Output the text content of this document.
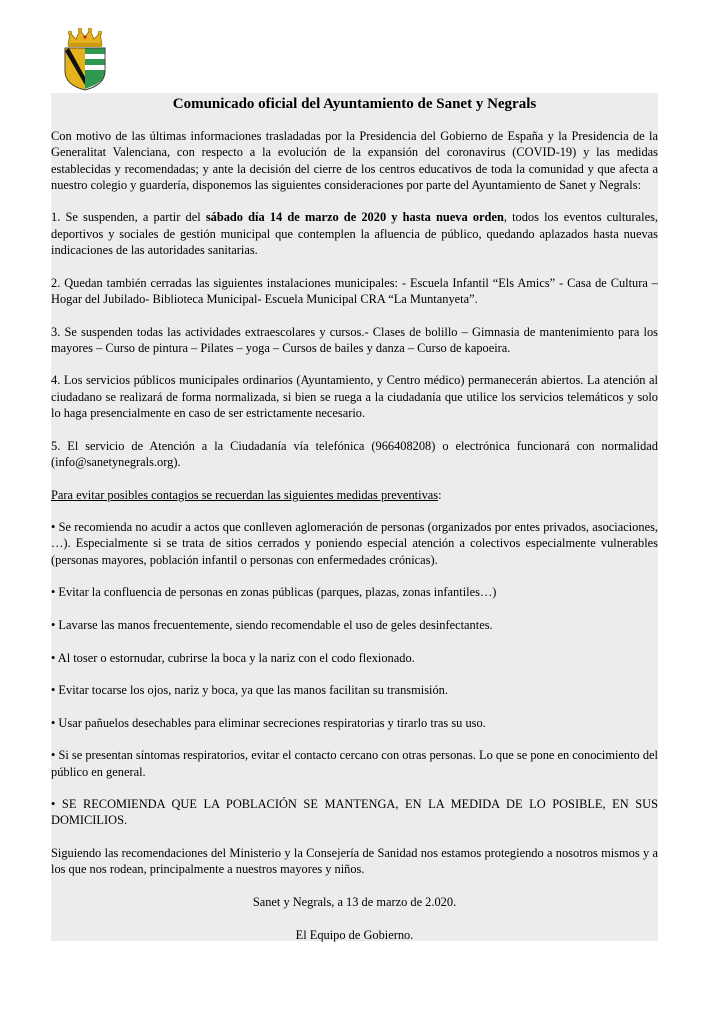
Comunicado oficial del Ayuntamiento de Sanet y Negrals

Con motivo de las últimas informaciones trasladadas por la Presidencia del Gobierno de España y la Presidencia de la Generalitat Valenciana, con respecto a la evolución de la expansión del coronavirus (COVID-19) y las medidas establecidas y recomendadas; y ante la decisión del cierre de los centros educativos de toda la comunidad y que afecta a nuestro colegio y guardería, disponemos las siguientes consideraciones por parte del Ayuntamiento de Sanet y Negrals:

1. Se suspenden, a partir del sábado día 14 de marzo de 2020 y hasta nueva orden, todos los eventos culturales, deportivos y sociales de gestión municipal que contemplen la afluencia de público, quedando aplazados hasta nuevas indicaciones de las autoridades sanitarias.

2. Quedan también cerradas las siguientes instalaciones municipales: - Escuela Infantil “Els Amics” - Casa de Cultura – Hogar del Jubilado- Biblioteca Municipal- Escuela Municipal CRA “La Muntanyeta”.

3. Se suspenden todas las actividades extraescolares y cursos.- Clases de bolillo – Gimnasia de mantenimiento para los mayores – Curso de pintura – Pilates – yoga – Cursos de bailes y danza – Curso de kapoeira.

4. Los servicios públicos municipales ordinarios (Ayuntamiento, y Centro médico) permanecerán abiertos. La atención al ciudadano se realizará de forma normalizada, si bien se ruega a la ciudadanía que utilice los servicios telemáticos y solo lo haga presencialmente en caso de ser estrictamente necesario.

5. El servicio de Atención a la Ciudadanía vía telefónica (966408208) o electrónica funcionará con normalidad (info@sanetynegrals.org).

Para evitar posibles contagios se recuerdan las siguientes medidas preventivas:

• Se recomienda no acudir a actos que conlleven aglomeración de personas (organizados por entes privados, asociaciones, …). Especialmente si se trata de sitios cerrados y poniendo especial atención a colectivos especialmente vulnerables (personas mayores, población infantil o personas con enfermedades crónicas).

• Evitar la confluencia de personas en zonas públicas (parques, plazas, zonas infantiles…)

• Lavarse las manos frecuentemente, siendo recomendable el uso de geles desinfectantes.

• Al toser o estornudar, cubrirse la boca y la nariz con el codo flexionado.

• Evitar tocarse los ojos, nariz y boca, ya que las manos facilitan su transmisión.

• Usar pañuelos desechables para eliminar secreciones respiratorias y tirarlo tras su uso.

• Si se presentan síntomas respiratorios, evitar el contacto cercano con otras personas. Lo que se pone en conocimiento del público en general.

• SE RECOMIENDA QUE LA POBLACIÓN SE MANTENGA, EN LA MEDIDA DE LO POSIBLE, EN SUS DOMICILIOS.

Siguiendo las recomendaciones del Ministerio y la Consejería de Sanidad nos estamos protegiendo a nosotros mismos y a los que nos rodean, principalmente a nuestros mayores y niños.

Sanet y Negrals, a 13 de marzo de 2.020.

El Equipo de Gobierno.
